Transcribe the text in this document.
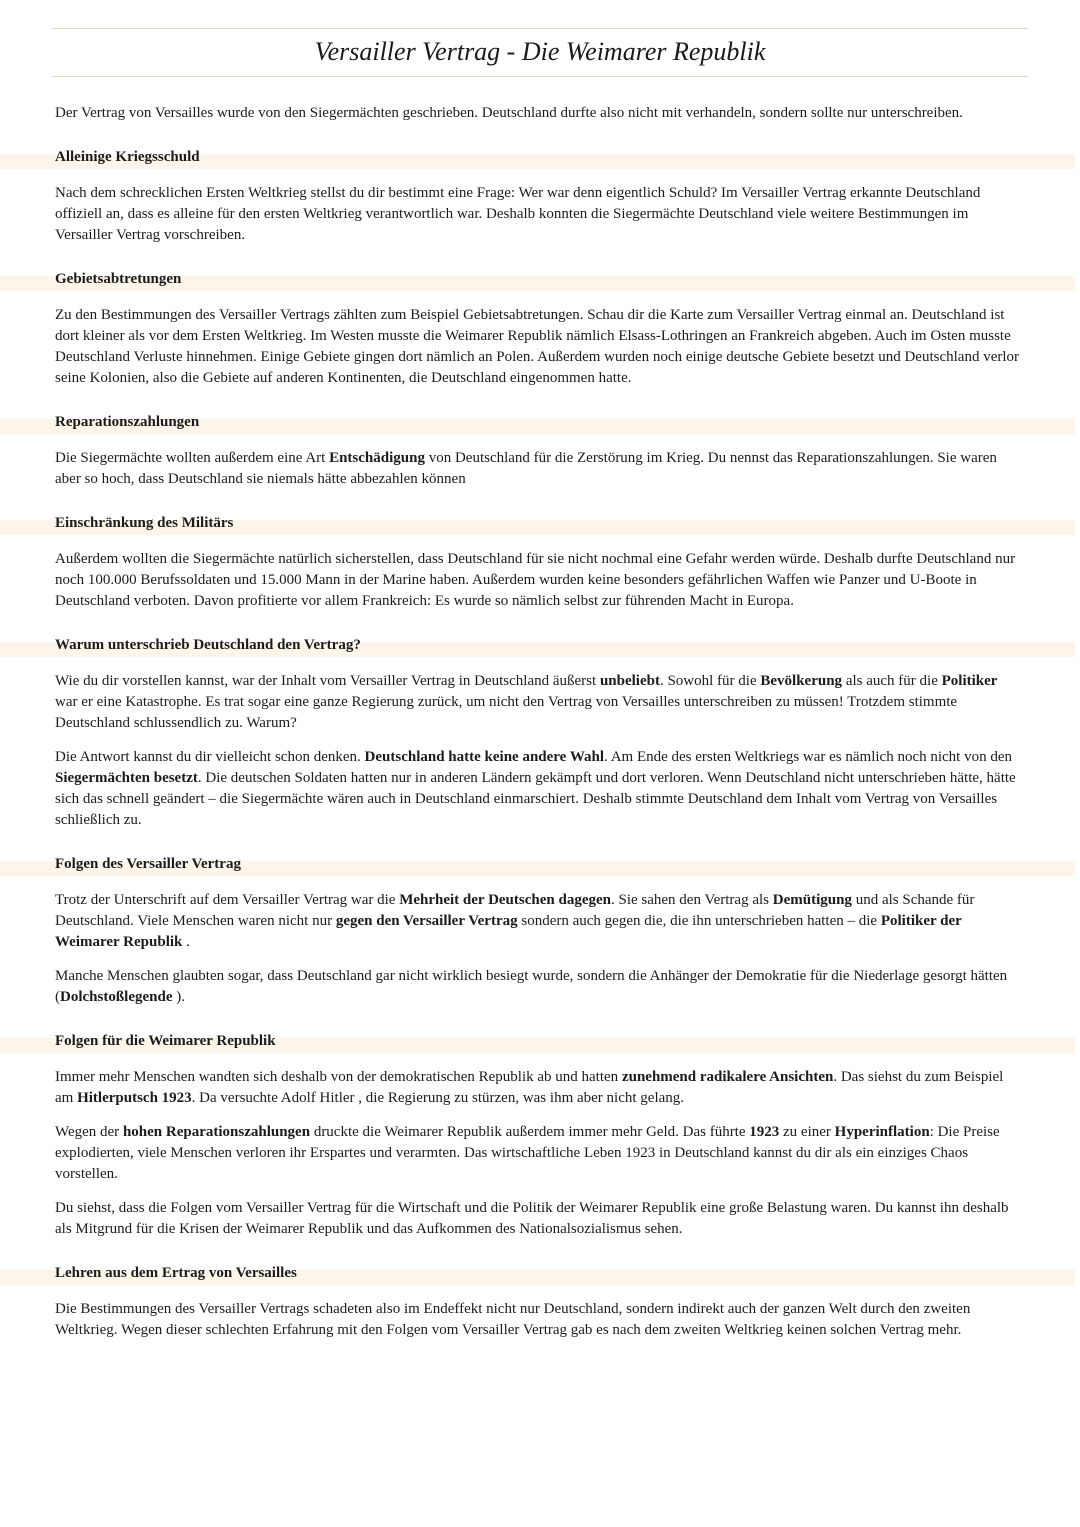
Versailler Vertrag - Die Weimarer Republik

Der Vertrag von Versailles wurde von den Siegermächten geschrieben. Deutschland durfte also nicht mit verhandeln, sondern sollte nur unterschreiben.

Alleinige Kriegsschuld

Nach dem schrecklichen Ersten Weltkrieg stellst du dir bestimmt eine Frage: Wer war denn eigentlich Schuld? Im Versailler Vertrag erkannte Deutschland offiziell an, dass es alleine für den ersten Weltkrieg verantwortlich war. Deshalb konnten die Siegermächte Deutschland viele weitere Bestimmungen im Versailler Vertrag vorschreiben.

Gebietsabtretungen

Zu den Bestimmungen des Versailler Vertrags zählten zum Beispiel Gebietsabtretungen. Schau dir die Karte zum Versailler Vertrag einmal an. Deutschland ist dort kleiner als vor dem Ersten Weltkrieg. Im Westen musste die Weimarer Republik nämlich Elsass-Lothringen an Frankreich abgeben. Auch im Osten musste Deutschland Verluste hinnehmen. Einige Gebiete gingen dort nämlich an Polen. Außerdem wurden noch einige deutsche Gebiete besetzt und Deutschland verlor seine Kolonien, also die Gebiete auf anderen Kontinenten, die Deutschland eingenommen hatte.

Reparationszahlungen

Die Siegermächte wollten außerdem eine Art Entschädigung von Deutschland für die Zerstörung im Krieg. Du nennst das Reparationszahlungen. Sie waren aber so hoch, dass Deutschland sie niemals hätte abbezahlen können

Einschränkung des Militärs

Außerdem wollten die Siegermächte natürlich sicherstellen, dass Deutschland für sie nicht nochmal eine Gefahr werden würde. Deshalb durfte Deutschland nur noch 100.000 Berufssoldaten und 15.000 Mann in der Marine haben. Außerdem wurden keine besonders gefährlichen Waffen wie Panzer und U-Boote in Deutschland verboten. Davon profitierte vor allem Frankreich: Es wurde so nämlich selbst zur führenden Macht in Europa.

Warum unterschrieb Deutschland den Vertrag?

Wie du dir vorstellen kannst, war der Inhalt vom Versailler Vertrag in Deutschland äußerst unbeliebt. Sowohl für die Bevölkerung als auch für die Politiker war er eine Katastrophe. Es trat sogar eine ganze Regierung zurück, um nicht den Vertrag von Versailles unterschreiben zu müssen! Trotzdem stimmte Deutschland schlussendlich zu. Warum?

Die Antwort kannst du dir vielleicht schon denken. Deutschland hatte keine andere Wahl. Am Ende des ersten Weltkriegs war es nämlich noch nicht von den Siegermächten besetzt. Die deutschen Soldaten hatten nur in anderen Ländern gekämpft und dort verloren. Wenn Deutschland nicht unterschrieben hätte, hätte sich das schnell geändert – die Siegermächte wären auch in Deutschland einmarschiert. Deshalb stimmte Deutschland dem Inhalt vom Vertrag von Versailles schließlich zu.

Folgen des Versailler Vertrag

Trotz der Unterschrift auf dem Versailler Vertrag war die Mehrheit der Deutschen dagegen. Sie sahen den Vertrag als Demütigung und als Schande für Deutschland. Viele Menschen waren nicht nur gegen den Versailler Vertrag sondern auch gegen die, die ihn unterschrieben hatten – die Politiker der Weimarer Republik .

Manche Menschen glaubten sogar, dass Deutschland gar nicht wirklich besiegt wurde, sondern die Anhänger der Demokratie für die Niederlage gesorgt hätten (Dolchstoßlegende ).

Folgen für die Weimarer Republik

Immer mehr Menschen wandten sich deshalb von der demokratischen Republik ab und hatten zunehmend radikalere Ansichten. Das siehst du zum Beispiel am Hitlerputsch 1923. Da versuchte Adolf Hitler , die Regierung zu stürzen, was ihm aber nicht gelang.

Wegen der hohen Reparationszahlungen druckte die Weimarer Republik außerdem immer mehr Geld. Das führte 1923 zu einer Hyperinflation: Die Preise explodierten, viele Menschen verloren ihr Erspartes und verarmten. Das wirtschaftliche Leben 1923 in Deutschland kannst du dir als ein einziges Chaos vorstellen.

Du siehst, dass die Folgen vom Versailler Vertrag für die Wirtschaft und die Politik der Weimarer Republik eine große Belastung waren. Du kannst ihn deshalb als Mitgrund für die Krisen der Weimarer Republik und das Aufkommen des Nationalsozialismus sehen.

Lehren aus dem Ertrag von Versailles

Die Bestimmungen des Versailler Vertrags schadeten also im Endeffekt nicht nur Deutschland, sondern indirekt auch der ganzen Welt durch den zweiten Weltkrieg. Wegen dieser schlechten Erfahrung mit den Folgen vom Versailler Vertrag gab es nach dem zweiten Weltkrieg keinen solchen Vertrag mehr.
